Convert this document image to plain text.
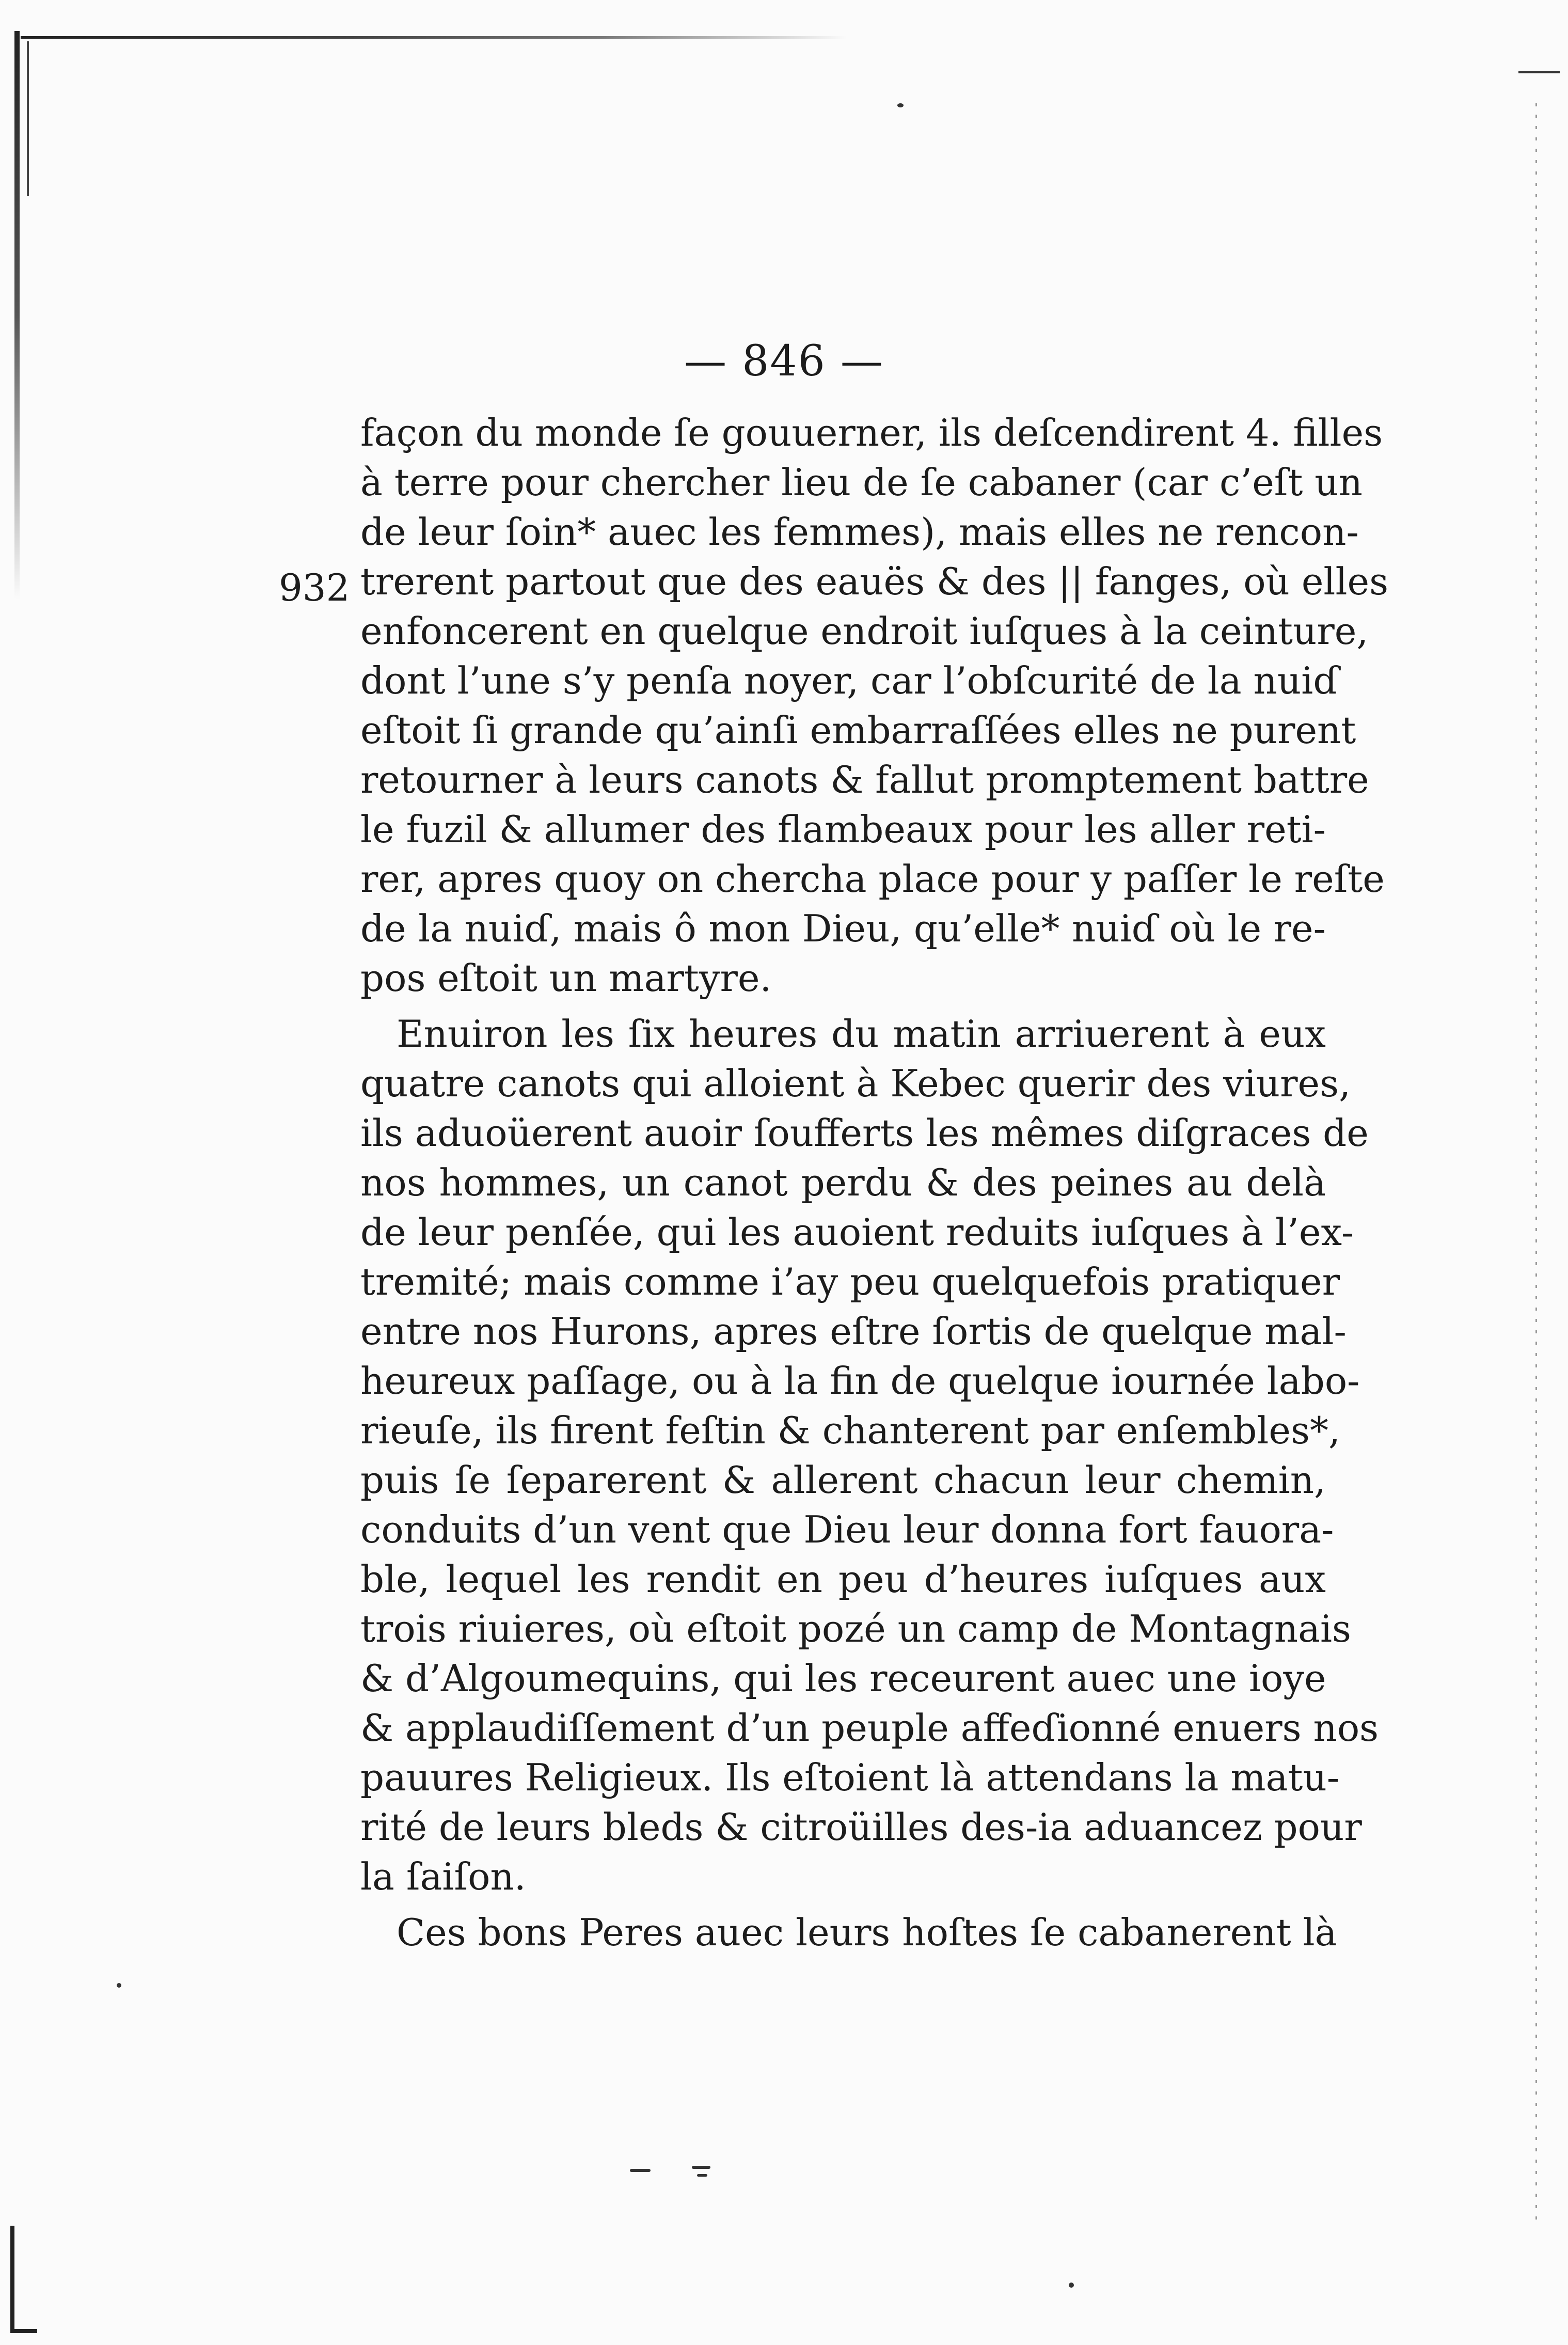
— 846 —
932
façon du monde ſe gouuerner, ils deſcendirent 4. filles
à terre pour chercher lieu de ſe cabaner (car c’eſt un
de leur ſoin* auec les femmes), mais elles ne rencon-
trerent partout que des eauës & des || fanges, où elles
enfoncerent en quelque endroit iuſques à la ceinture,
dont l’une s’y penſa noyer, car l’obſcurité de la nuiɗ
eſtoit ſi grande qu’ainſi embarraſſées elles ne purent
retourner à leurs canots & fallut promptement battre
le fuzil & allumer des flambeaux pour les aller reti-
rer, apres quoy on chercha place pour y paſſer le reſte
de la nuiɗ, mais ô mon Dieu, qu’elle* nuiɗ où le re-
pos eſtoit un martyre.
Enuiron les ſix heures du matin arriuerent à eux
quatre canots qui alloient à Kebec querir des viures,
ils aduoüerent auoir ſoufferts les mêmes diſgraces de
nos hommes, un canot perdu & des peines au delà
de leur penſée, qui les auoient reduits iuſques à l’ex-
tremité; mais comme i’ay peu quelquefois pratiquer
entre nos Hurons, apres eſtre ſortis de quelque mal-
heureux paſſage, ou à la fin de quelque iournée labo-
rieuſe, ils firent feſtin & chanterent par enſembles*,
puis ſe ſeparerent & allerent chacun leur chemin,
conduits d’un vent que Dieu leur donna fort fauora-
ble, lequel les rendit en peu d’heures iuſques aux
trois riuieres, où eſtoit pozé un camp de Montagnais
& d’Algoumequins, qui les receurent auec une ioye
& applaudiſſement d’un peuple affeɗionné enuers nos
pauures Religieux. Ils eſtoient là attendans la matu-
rité de leurs bleds & citroüilles des-ia aduancez pour
la ſaiſon.
Ces bons Peres auec leurs hoſtes ſe cabanerent là
